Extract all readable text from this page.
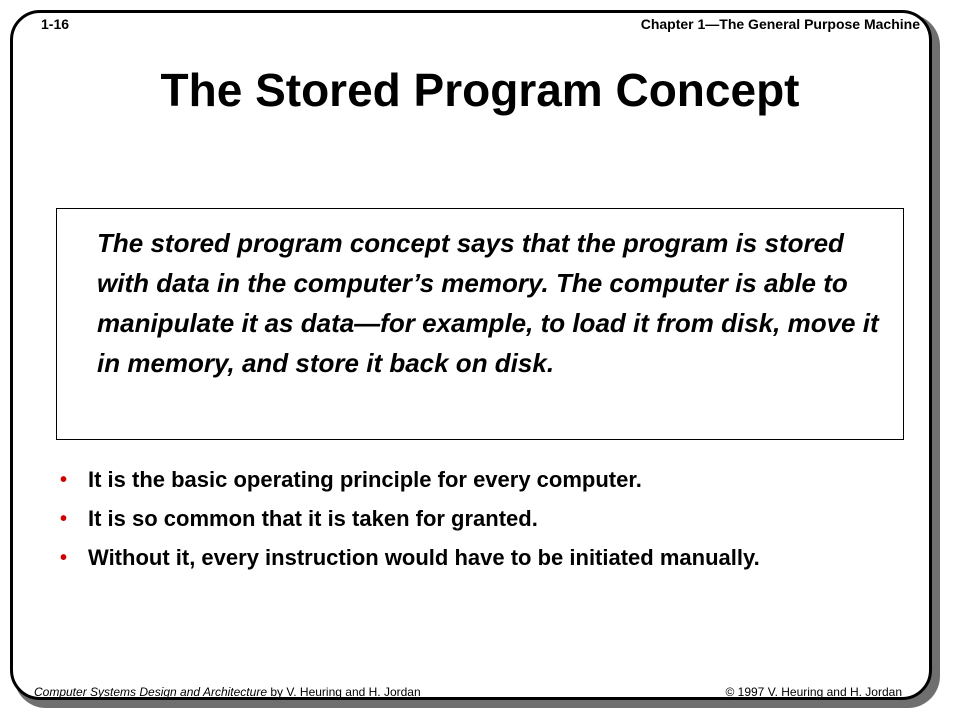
1-16	Chapter 1—The General Purpose Machine
The Stored Program Concept

The stored program concept says that the program is stored with data in the computer’s memory. The computer is able to manipulate it as data—for example, to load it from disk, move it in memory, and store it back on disk.

• It is the basic operating principle for every computer.
• It is so common that it is taken for granted.
• Without it, every instruction would have to be initiated manually.
Computer Systems Design and Architecture by V. Heuring and H. Jordan	© 1997 V. Heuring and H. Jordan
